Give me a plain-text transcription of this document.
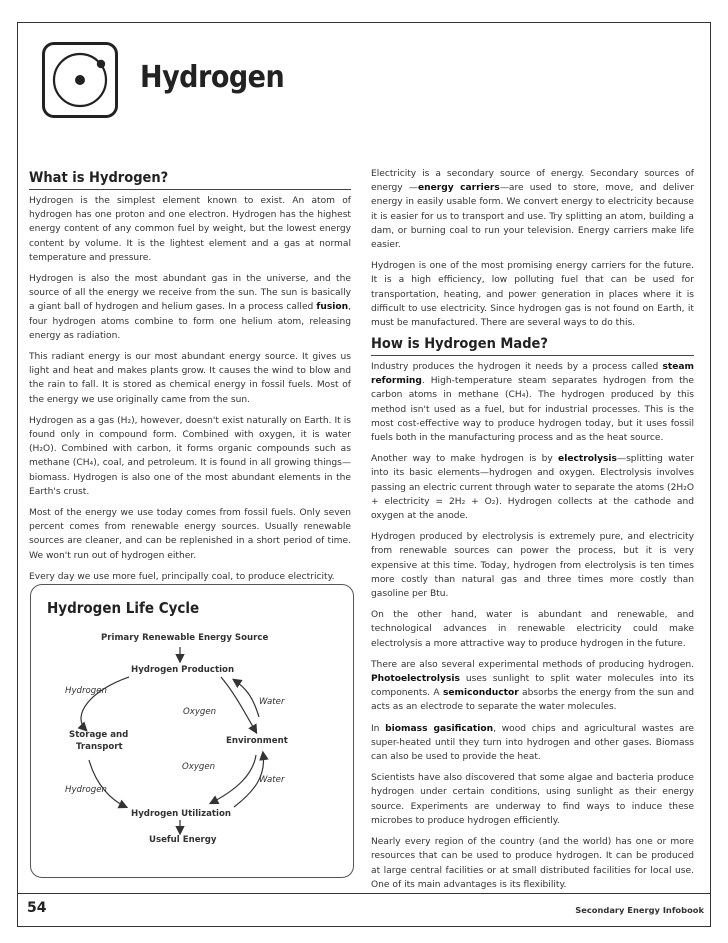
Hydrogen
What is Hydrogen?

Hydrogen is the simplest element known to exist. An atom of hydrogen has one proton and one electron. Hydrogen has the highest energy content of any common fuel by weight, but the lowest energy content by volume. It is the lightest element and a gas at normal temperature and pressure.

Hydrogen is also the most abundant gas in the universe, and the source of all the energy we receive from the sun. The sun is basically a giant ball of hydrogen and helium gases. In a process called fusion, four hydrogen atoms combine to form one helium atom, releasing energy as radiation.

This radiant energy is our most abundant energy source. It gives us light and heat and makes plants grow. It causes the wind to blow and the rain to fall. It is stored as chemical energy in fossil fuels. Most of the energy we use originally came from the sun.

Hydrogen as a gas (H₂), however, doesn't exist naturally on Earth. It is found only in compound form. Combined with oxygen, it is water (H₂O). Combined with carbon, it forms organic compounds such as methane (CH₄), coal, and petroleum. It is found in all growing things—biomass. Hydrogen is also one of the most abundant elements in the Earth's crust.

Most of the energy we use today comes from fossil fuels. Only seven percent comes from renewable energy sources. Usually renewable sources are cleaner, and can be replenished in a short period of time. We won't run out of hydrogen either.

Every day we use more fuel, principally coal, to produce electricity.

Electricity is a secondary source of energy. Secondary sources of energy —energy carriers—are used to store, move, and deliver energy in easily usable form. We convert energy to electricity because it is easier for us to transport and use. Try splitting an atom, building a dam, or burning coal to run your television. Energy carriers make life easier.

Hydrogen is one of the most promising energy carriers for the future. It is a high efficiency, low polluting fuel that can be used for transportation, heating, and power generation in places where it is difficult to use electricity. Since hydrogen gas is not found on Earth, it must be manufactured. There are several ways to do this.

How is Hydrogen Made?

Industry produces the hydrogen it needs by a process called steam reforming. High-temperature steam separates hydrogen from the carbon atoms in methane (CH₄). The hydrogen produced by this method isn't used as a fuel, but for industrial processes. This is the most cost-effective way to produce hydrogen today, but it uses fossil fuels both in the manufacturing process and as the heat source.

Another way to make hydrogen is by electrolysis—splitting water into its basic elements—hydrogen and oxygen. Electrolysis involves passing an electric current through water to separate the atoms (2H₂O + electricity = 2H₂ + O₂). Hydrogen collects at the cathode and oxygen at the anode.

Hydrogen produced by electrolysis is extremely pure, and electricity from renewable sources can power the process, but it is very expensive at this time. Today, hydrogen from electrolysis is ten times more costly than natural gas and three times more costly than gasoline per Btu.

On the other hand, water is abundant and renewable, and technological advances in renewable electricity could make electrolysis a more attractive way to produce hydrogen in the future.

There are also several experimental methods of producing hydrogen. Photoelectrolysis uses sunlight to split water molecules into its components. A semiconductor absorbs the energy from the sun and acts as an electrode to separate the water molecules.

In biomass gasification, wood chips and agricultural wastes are super-heated until they turn into hydrogen and other gases. Biomass can also be used to provide the heat.

Scientists have also discovered that some algae and bacteria produce hydrogen under certain conditions, using sunlight as their energy source. Experiments are underway to find ways to induce these microbes to produce hydrogen efficiently.

Nearly every region of the country (and the world) has one or more resources that can be used to produce hydrogen. It can be produced at large central facilities or at small distributed facilities for local use. One of its main advantages is its flexibility.

Hydrogen Life Cycle
Primary Renewable Energy Source
Hydrogen Production
Hydrogen
Water
Oxygen
Storage and
Transport
Environment
Oxygen
Water
Hydrogen
Hydrogen Utilization
Useful Energy
54	Secondary Energy Infobook
